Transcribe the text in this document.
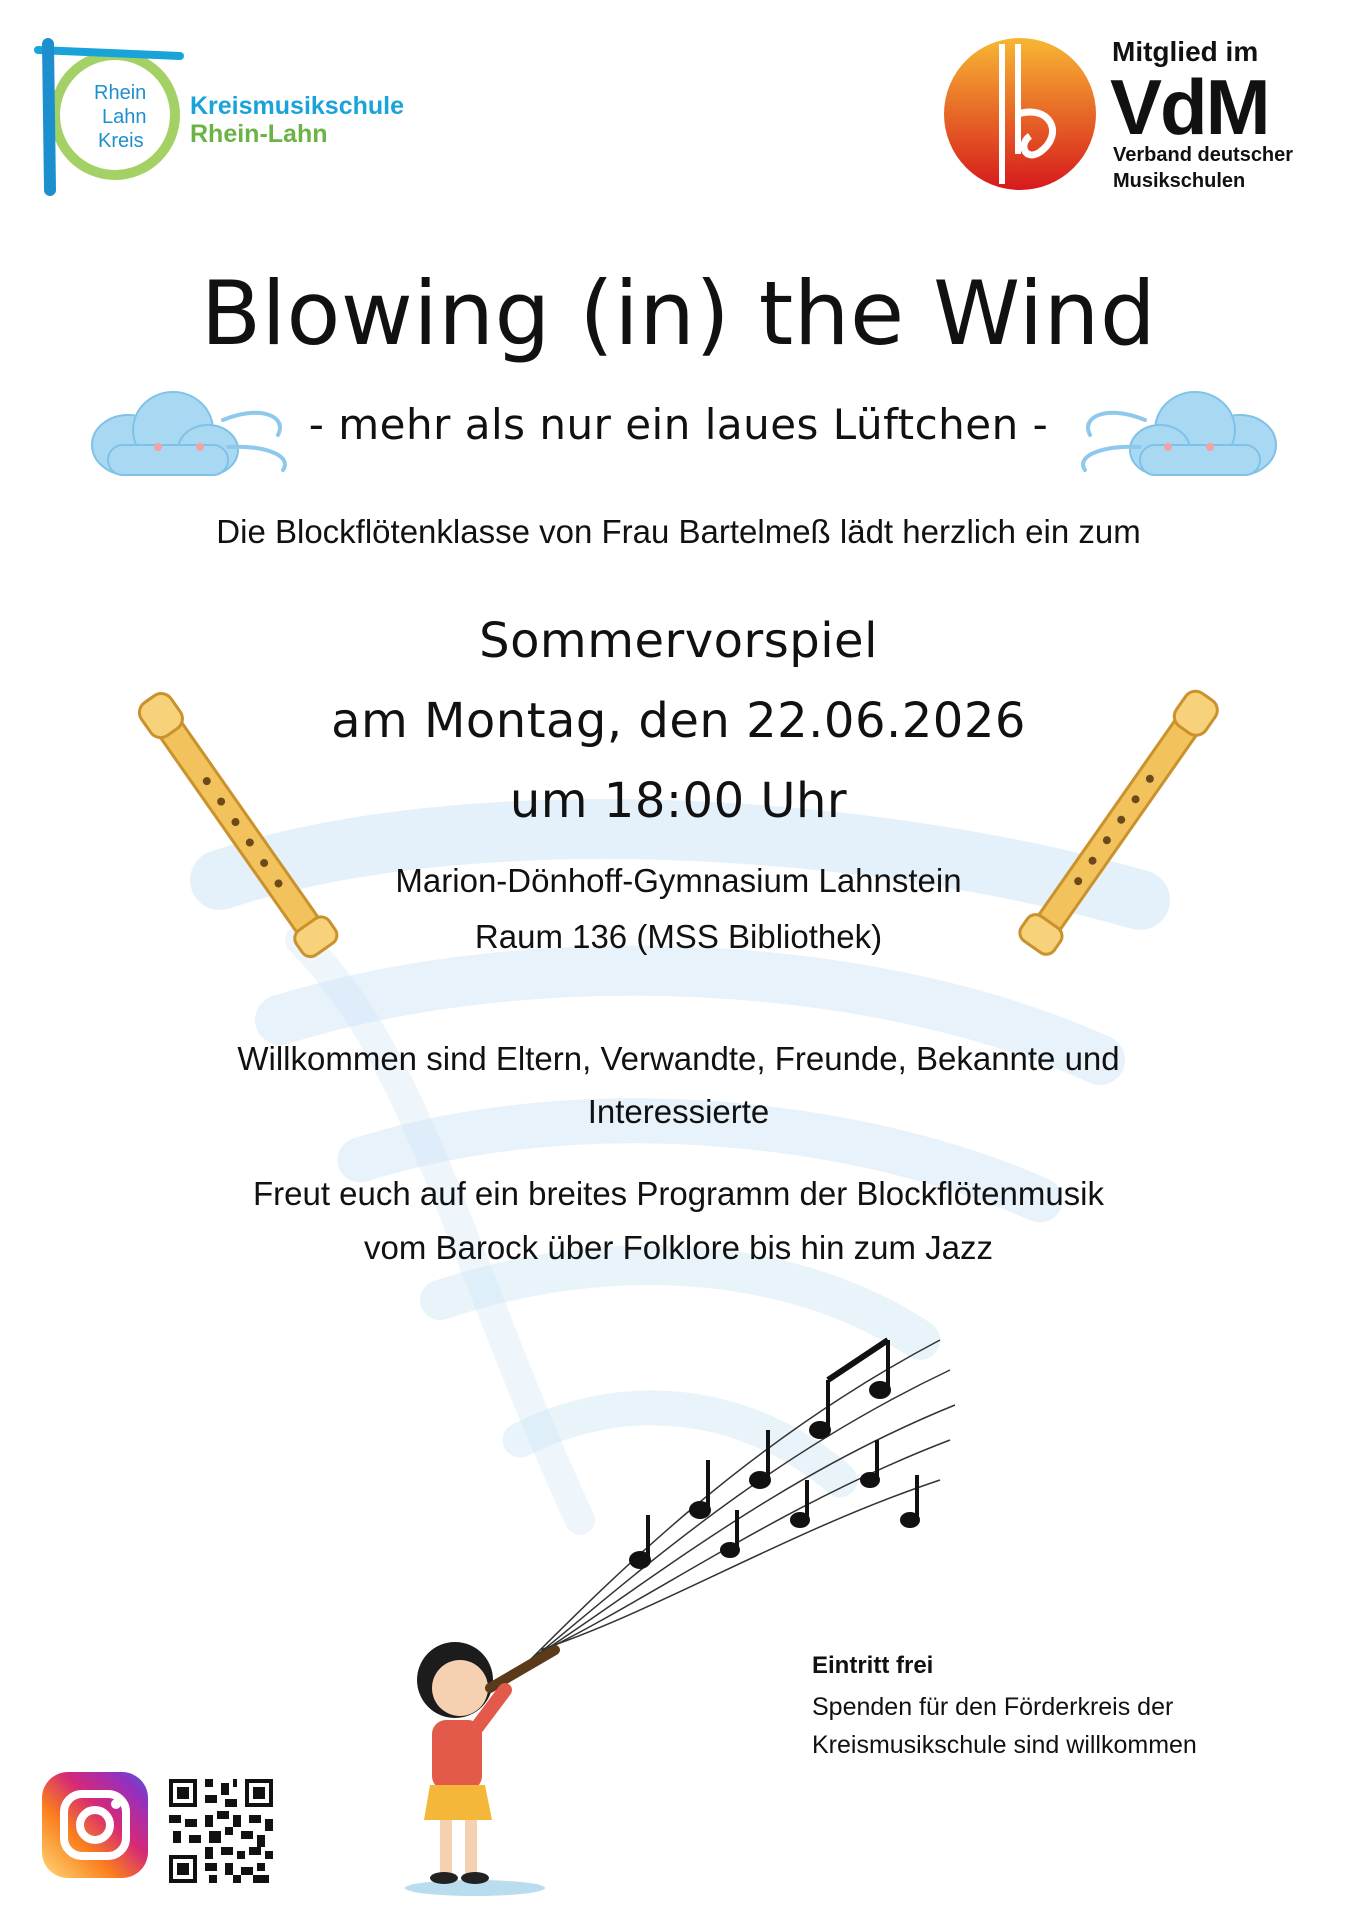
Rhein
Lahn
Kreis
Kreismusikschule
Rhein-Lahn
Mitglied im
VdM
Verband deutscher
Musikschulen
Blowing (in) the Wind
- mehr als nur ein laues Lüftchen -
Die Blockflötenklasse von Frau Bartelmeß lädt herzlich ein zum
Sommervorspiel
am Montag, den 22.06.2026
um 18:00 Uhr
Marion-Dönhoff-Gymnasium Lahnstein
Raum 136 (MSS Bibliothek)
Willkommen sind Eltern, Verwandte, Freunde, Bekannte und
Interessierte
Freut euch auf ein breites Programm der Blockflötenmusik
vom Barock über Folklore bis hin zum Jazz
Eintritt frei
Spenden für den Förderkreis der
Kreismusikschule sind willkommen
